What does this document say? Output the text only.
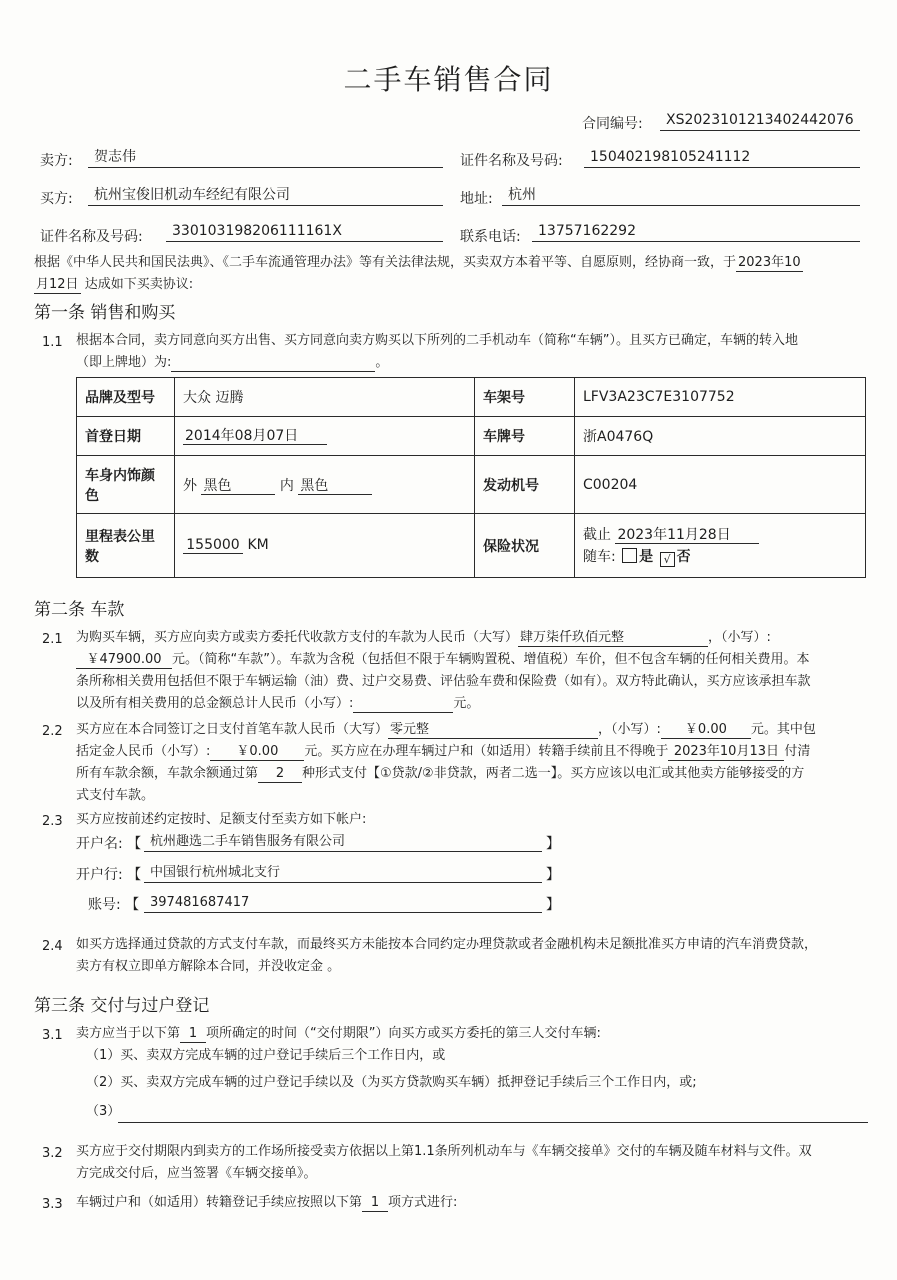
二手车销售合同
合同编号:	XS2023101213402442076
卖方:	贺志伟	证件名称及号码:	150402198105241112
买方:	杭州宝俊旧机动车经纪有限公司	地址:	杭州
证件名称及号码:	330103198206111161X	联系电话:	13757162292
根据《中华人民共和国民法典》、《二手车流通管理办法》等有关法律法规，买卖双方本着平等、自愿原则，经协商一致，于 2023年10
月12日 达成如下买卖协议:
第一条 销售和购买
1.1 根据本合同，卖方同意向买方出售、买方同意向卖方购买以下所列的二手机动车（简称“车辆”）。且买方已确定，车辆的转入地
（即上牌地）为:	。
品牌及型号	大众 迈腾	车架号	LFV3A23C7E3107752
首登日期	2014年08月07日	车牌号	浙A0476Q
车身内饰颜色	外 黑色 内 黑色	发动机号	C00204
里程表公里数	155000 KM	保险状况	截止 2023年11月28日
随车: 是 √ 否
第二条 车款
2.1 为购买车辆，买方应向卖方或卖方委托代收款方支付的车款为人民币（大写） 肆万柒仟玖佰元整	，（小写）:
￥47900.00 元。（简称“车款”）。车款为含税（包括但不限于车辆购置税、增值税）车价，但不包含车辆的任何相关费用。本
条所称相关费用包括但不限于车辆运输（油）费、过户交易费、评估验车费和保险费（如有）。双方特此确认，买方应该承担车款
以及所有相关费用的总金额总计人民币（小写）:	元。
2.2 买方应在本合同签订之日支付首笔车款人民币（大写） 零元整	，（小写）: ￥0.00 元。其中包
括定金人民币（小写）: ￥0.00 元。买方应在办理车辆过户和（如适用）转籍手续前且不得晚于 2023年10月13日 付清
所有车款余额，车款余额通过第 2 种形式支付【①贷款/②非贷款，两者二选一】。买方应该以电汇或其他卖方能够接受的方
式支付车款。
2.3 买方应按前述约定按时、足额支付至卖方如下帐户:
开户名: 【 杭州趣选二手车销售服务有限公司	】
开户行: 【 中国银行杭州城北支行	】
账号: 【 397481687417	】
2.4 如买方选择通过贷款的方式支付车款，而最终买方未能按本合同约定办理贷款或者金融机构未足额批准买方申请的汽车消费贷款，
卖方有权立即单方解除本合同，并没收定金 。
第三条 交付与过户登记
3.1 卖方应当于以下第 1 项所确定的时间（“交付期限”）向买方或买方委托的第三人交付车辆:
（1）买、卖双方完成车辆的过户登记手续后三个工作日内，或
（2）买、卖双方完成车辆的过户登记手续以及（为买方贷款购买车辆）抵押登记手续后三个工作日内，或;
（3）
3.2 买方应于交付期限内到卖方的工作场所接受卖方依据以上第1.1条所列机动车与《车辆交接单》交付的车辆及随车材料与文件。双
方完成交付后，应当签署《车辆交接单》。
3.3 车辆过户和（如适用）转籍登记手续应按照以下第 1 项方式进行:
